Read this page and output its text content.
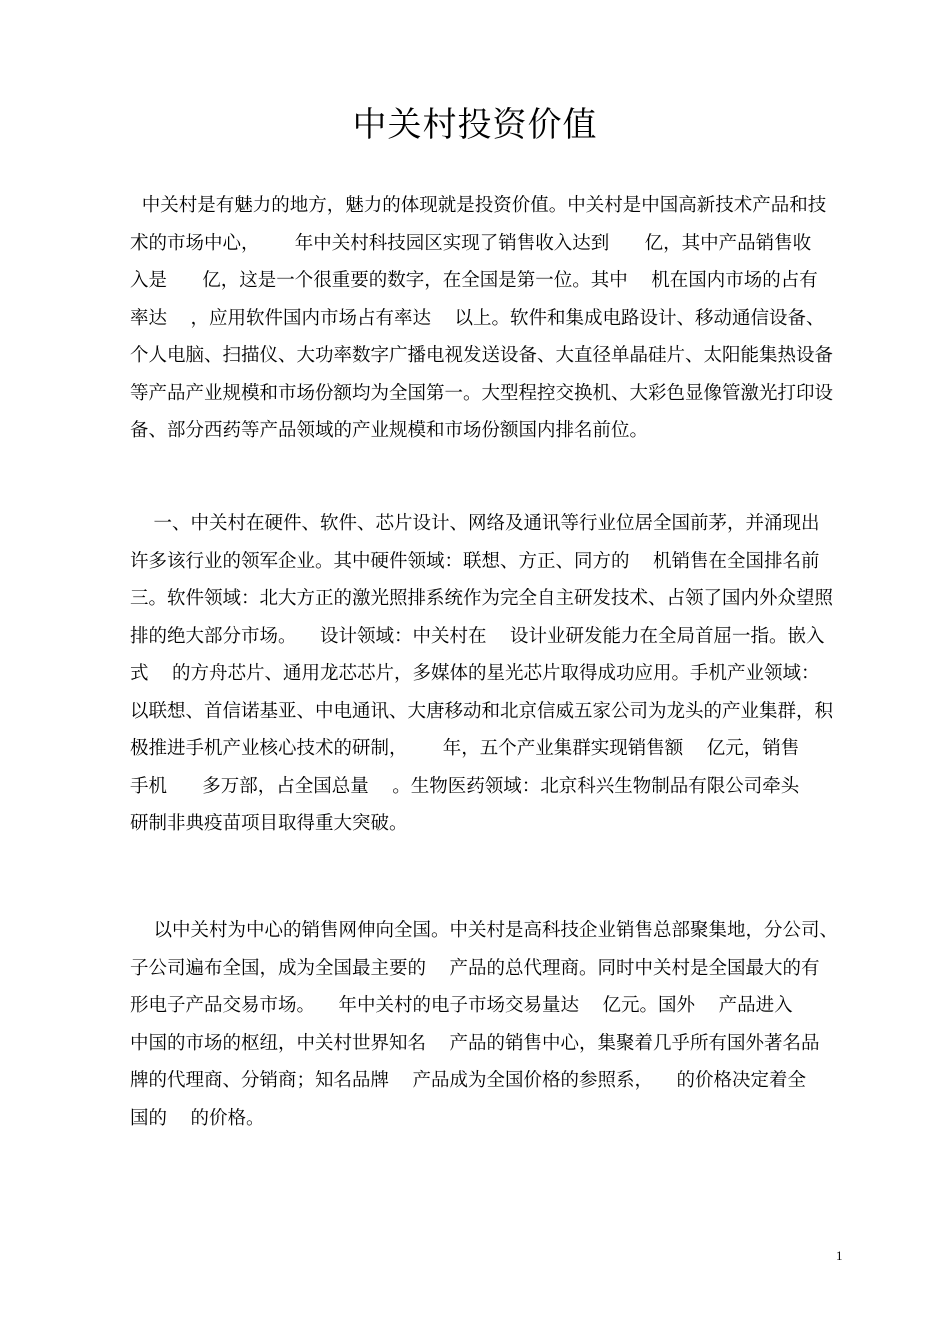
中关村投资价值
中关村是有魅力的地方，魅力的体现就是投资价值。中关村是中国高新技术产品和技
术的市场中心，      年中关村科技园区实现了销售收入达到      亿，其中产品销售收
入是      亿，这是一个很重要的数字，在全国是第一位。其中    机在国内市场的占有
率达    ，应用软件国内市场占有率达    以上。软件和集成电路设计、移动通信设备、
个人电脑、扫描仪、大功率数字广播电视发送设备、大直径单晶硅片、太阳能集热设备
等产品产业规模和市场份额均为全国第一。大型程控交换机、大彩色显像管激光打印设
备、部分西药等产品领域的产业规模和市场份额国内排名前位。
一、中关村在硬件、软件、芯片设计、网络及通讯等行业位居全国前茅，并涌现出
许多该行业的领军企业。其中硬件领域：联想、方正、同方的    机销售在全国排名前
三。软件领域：北大方正的激光照排系统作为完全自主研发技术、占领了国内外众望照
排的绝大部分市场。    设计领域：中关村在    设计业研发能力在全局首屈一指。嵌入
式    的方舟芯片、通用龙芯芯片，多媒体的星光芯片取得成功应用。手机产业领域：
以联想、首信诺基亚、中电通讯、大唐移动和北京信威五家公司为龙头的产业集群，积
极推进手机产业核心技术的研制，      年，五个产业集群实现销售额    亿元，销售
手机      多万部，占全国总量    。生物医药领域：北京科兴生物制品有限公司牵头
研制非典疫苗项目取得重大突破。
以中关村为中心的销售网伸向全国。中关村是高科技企业销售总部聚集地，分公司、
子公司遍布全国，成为全国最主要的    产品的总代理商。同时中关村是全国最大的有
形电子产品交易市场。    年中关村的电子市场交易量达    亿元。国外    产品进入
中国的市场的枢纽，中关村世界知名    产品的销售中心，集聚着几乎所有国外著名品
牌的代理商、分销商；知名品牌    产品成为全国价格的参照系，    的价格决定着全
国的    的价格。
1
